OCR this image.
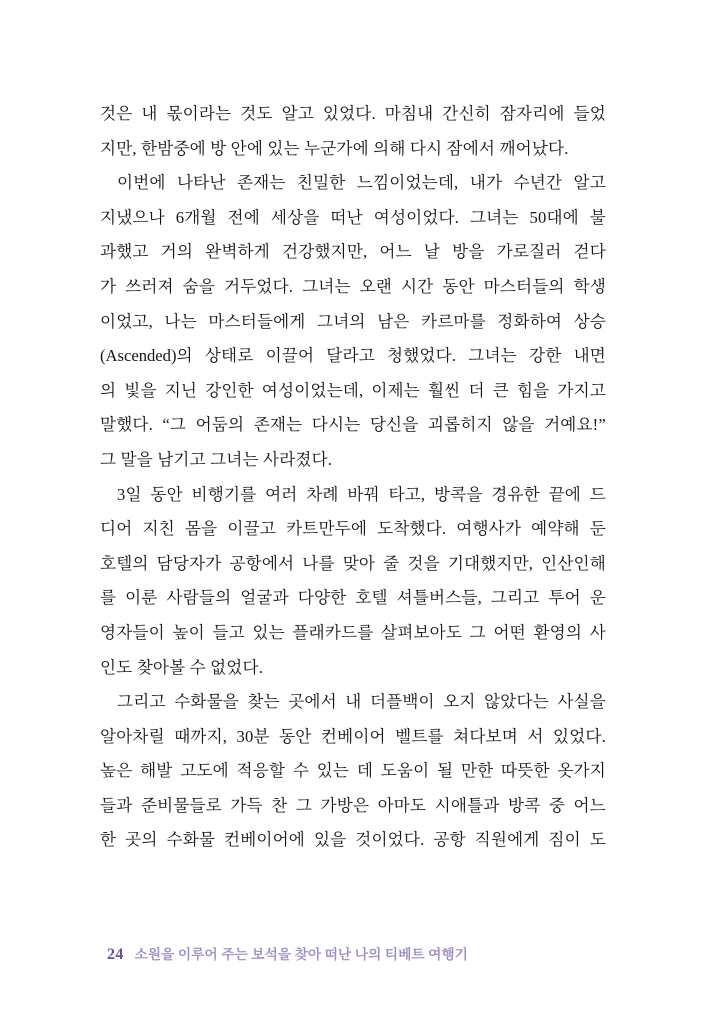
것은 내 몫이라는 것도 알고 있었다. 마침내 간신히 잠자리에 들었
지만, 한밤중에 방 안에 있는 누군가에 의해 다시 잠에서 깨어났다.

이번에 나타난 존재는 친밀한 느낌이었는데, 내가 수년간 알고
지냈으나 6개월 전에 세상을 떠난 여성이었다. 그녀는 50대에 불
과했고 거의 완벽하게 건강했지만, 어느 날 방을 가로질러 걷다
가 쓰러져 숨을 거두었다. 그녀는 오랜 시간 동안 마스터들의 학생
이었고, 나는 마스터들에게 그녀의 남은 카르마를 정화하여 상승
(Ascended)의 상태로 이끌어 달라고 청했었다. 그녀는 강한 내면
의 빛을 지닌 강인한 여성이었는데, 이제는 훨씬 더 큰 힘을 가지고
말했다. “그 어둠의 존재는 다시는 당신을 괴롭히지 않을 거예요!”
그 말을 남기고 그녀는 사라졌다.

3일 동안 비행기를 여러 차례 바꿔 타고, 방콕을 경유한 끝에 드
디어 지친 몸을 이끌고 카트만두에 도착했다. 여행사가 예약해 둔
호텔의 담당자가 공항에서 나를 맞아 줄 것을 기대했지만, 인산인해
를 이룬 사람들의 얼굴과 다양한 호텔 셔틀버스들, 그리고 투어 운
영자들이 높이 들고 있는 플래카드를 살펴보아도 그 어떤 환영의 사
인도 찾아볼 수 없었다.

그리고 수화물을 찾는 곳에서 내 더플백이 오지 않았다는 사실을
알아차릴 때까지, 30분 동안 컨베이어 벨트를 쳐다보며 서 있었다.
높은 해발 고도에 적응할 수 있는 데 도움이 될 만한 따뜻한 옷가지
들과 준비물들로 가득 찬 그 가방은 아마도 시애틀과 방콕 중 어느
한 곳의 수화물 컨베이어에 있을 것이었다. 공항 직원에게 짐이 도

24 소원을 이루어 주는 보석을 찾아 떠난 나의 티베트 여행기
